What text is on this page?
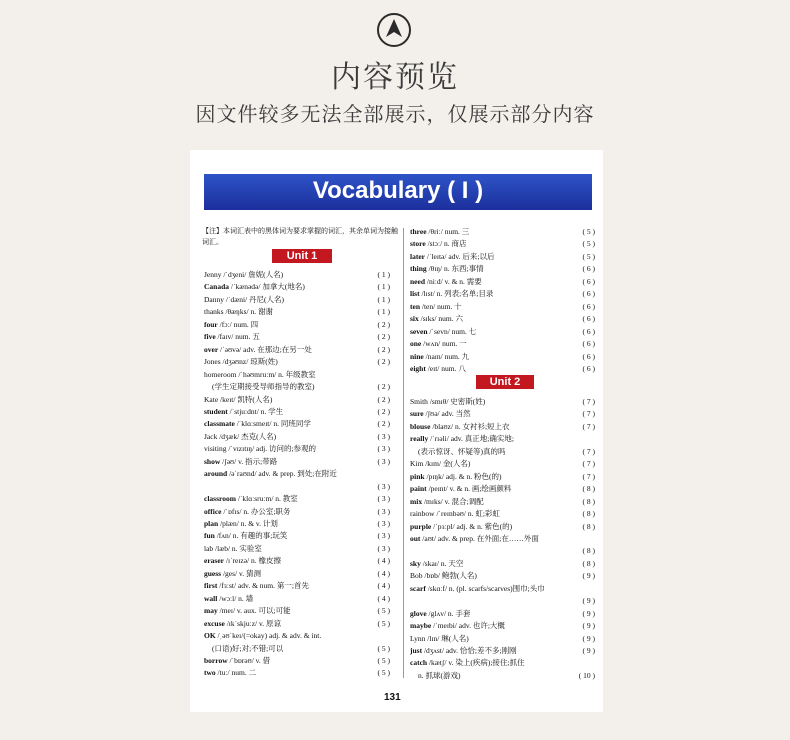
内容预览
因文件较多无法全部展示，仅展示部分内容
Vocabulary ( I )
【注】本词汇表中的黑体词为要求掌握的词汇，其余单词为接触词汇。
Unit 1
Unit 2
Jenny /ˈdʒeni/ 詹妮(人名)	( 1 )
Canada /ˈkænədə/ 加拿大(地名)	( 1 )
Danny /ˈdæni/ 丹尼(人名)	( 1 )
thanks /θæŋks/ n. 谢谢	( 1 )
four /fɔː/ num. 四	( 2 )
five /faɪv/ num. 五	( 2 )
over /ˈəʊvə/ adv. 在那边;在另一处	( 2 )
Jones /dʒəʊnz/ 琼斯(姓)	( 2 )
homeroom /ˈhəʊmruːm/ n. 年级教室
(学生定期接受导师指导的教室)	( 2 )
Kate /keɪt/ 凯特(人名)	( 2 )
student /ˈstjuːdnt/ n. 学生	( 2 )
classmate /ˈklɑːsmeɪt/ n. 同班同学	( 2 )
Jack /dʒæk/ 杰克(人名)	( 3 )
visiting /ˈvɪzɪtɪŋ/ adj. 访问的;参观的	( 3 )
show /ʃəʊ/ v. 指示;带路	( 3 )
around /əˈraʊnd/ adv. & prep. 到处;在附近
( 3 )
classroom /ˈklɑːsruːm/ n. 教室	( 3 )
office /ˈɒfɪs/ n. 办公室;职务	( 3 )
plan /plæn/ n. & v. 计划	( 3 )
fun /fʌn/ n. 有趣的事;玩笑	( 3 )
lab /læb/ n. 实验室	( 3 )
eraser /ɪˈreɪzə/ n. 橡皮擦	( 4 )
guess /ges/ v. 猜测	( 4 )
first /fɜːst/ adv. & num. 第一;首先	( 4 )
wall /wɔːl/ n. 墙	( 4 )
may /meɪ/ v. aux. 可以;可能	( 5 )
excuse /ɪkˈskjuːz/ v. 原谅	( 5 )
OK /ˌəʊˈkeɪ/(=okay) adj. & adv. & int.
(口语)好;对;不错;可以	( 5 )
borrow /ˈbɒrəʊ/ v. 借	( 5 )
two /tuː/ num. 二	( 5 )
three /θriː/ num. 三	( 5 )
store /stɔː/ n. 商店	( 5 )
later /ˈleɪtə/ adv. 后来;以后	( 5 )
thing /θɪŋ/ n. 东西;事情	( 6 )
need /niːd/ v. & n. 需要	( 6 )
list /lɪst/ n. 列表;名单;目录	( 6 )
ten /ten/ num. 十	( 6 )
six /sɪks/ num. 六	( 6 )
seven /ˈsevn/ num. 七	( 6 )
one /wʌn/ num. 一	( 6 )
nine /naɪn/ num. 九	( 6 )
eight /eɪt/ num. 八	( 6 )
Smith /smɪθ/ 史密斯(姓)	( 7 )
sure /ʃʊə/ adv. 当然	( 7 )
blouse /blaʊz/ n. 女衬衫;短上衣	( 7 )
really /ˈrɪəli/ adv. 真正地;确实地;
(表示惊讶、怀疑等)真的吗	( 7 )
Kim /kɪm/ 金(人名)	( 7 )
pink /pɪŋk/ adj. & n. 粉色(的)	( 7 )
paint /peɪnt/ v. & n. 画;绘画颜料	( 8 )
mix /mɪks/ v. 混合;调配	( 8 )
rainbow /ˈreɪnbəʊ/ n. 虹;彩虹	( 8 )
purple /ˈpɜːpl/ adj. & n. 紫色(的)	( 8 )
out /aʊt/ adv. & prep. 在外面;在……外面
( 8 )
sky /skaɪ/ n. 天空	( 8 )
Bob /bɒb/ 鲍勃(人名)	( 9 )
scarf /skɑːf/ n. (pl. scarfs/scarves)围巾;头巾
( 9 )
glove /glʌv/ n. 手套	( 9 )
maybe /ˈmeɪbi/ adv. 也许;大概	( 9 )
Lynn /lɪn/ 琳(人名)	( 9 )
just /dʒʌst/ adv. 恰恰;差不多;刚刚	( 9 )
catch /kætʃ/ v. 染上(疾病);接住;抓住
n. 抓球(游戏)	( 10 )
131
